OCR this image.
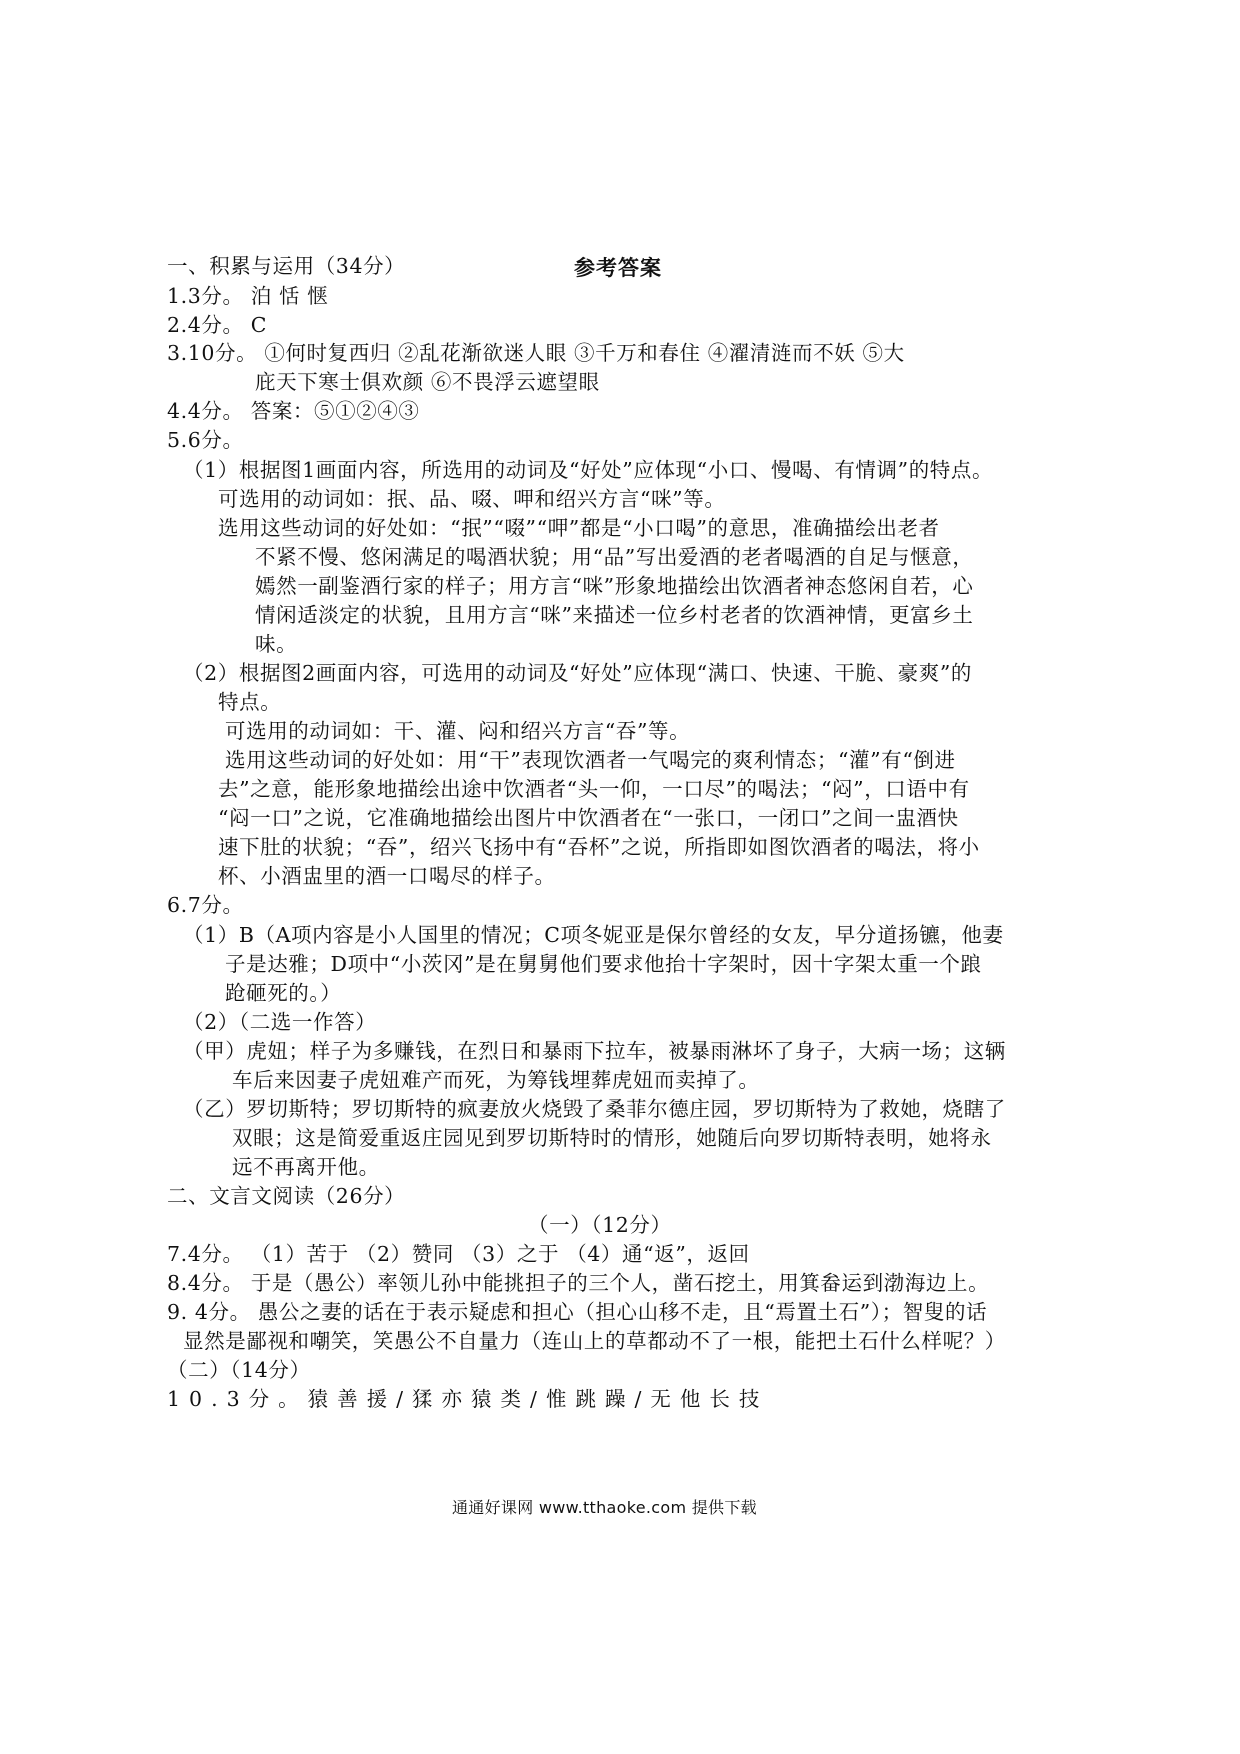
参考答案
一、积累与运用（34分）
1.3分。 泊 恬 惬
2.4分。 C
3.10分。 ①何时复西归 ②乱花渐欲迷人眼 ③千万和春住 ④濯清涟而不妖 ⑤大
庇天下寒士俱欢颜 ⑥不畏浮云遮望眼
4.4分。 答案：⑤①②④③
5.6分。
（1）根据图1画面内容，所选用的动词及“好处”应体现“小口、慢喝、有情调”的特点。
可选用的动词如：抿、品、啜、呷和绍兴方言“咪”等。
选用这些动词的好处如：“抿”“啜”“呷”都是“小口喝”的意思，准确描绘出老者
不紧不慢、悠闲满足的喝酒状貌；用“品”写出爱酒的老者喝酒的自足与惬意，
嫣然一副鉴酒行家的样子；用方言“咪”形象地描绘出饮酒者神态悠闲自若，心
情闲适淡定的状貌，且用方言“咪”来描述一位乡村老者的饮酒神情，更富乡土
味。
（2）根据图2画面内容，可选用的动词及“好处”应体现“满口、快速、干脆、豪爽”的
特点。
可选用的动词如：干、灌、闷和绍兴方言“吞”等。
选用这些动词的好处如：用“干”表现饮酒者一气喝完的爽利情态；“灌”有“倒进
去”之意，能形象地描绘出途中饮酒者“头一仰，一口尽”的喝法；“闷”，口语中有
“闷一口”之说，它准确地描绘出图片中饮酒者在“一张口，一闭口”之间一盅酒快
速下肚的状貌；“吞”，绍兴飞扬中有“吞杯”之说，所指即如图饮酒者的喝法，将小
杯、小酒盅里的酒一口喝尽的样子。
6.7分。
（1）B（A项内容是小人国里的情况；C项冬妮亚是保尔曾经的女友，早分道扬镳，他妻
子是达雅；D项中“小茨冈”是在舅舅他们要求他抬十字架时，因十字架太重一个踉
跄砸死的。）
（2）（二选一作答）
（甲）虎妞；样子为多赚钱，在烈日和暴雨下拉车，被暴雨淋坏了身子，大病一场；这辆
车后来因妻子虎妞难产而死，为筹钱埋葬虎妞而卖掉了。
（乙）罗切斯特；罗切斯特的疯妻放火烧毁了桑菲尔德庄园，罗切斯特为了救她，烧瞎了
双眼；这是简爱重返庄园见到罗切斯特时的情形，她随后向罗切斯特表明，她将永
远不再离开他。
二、文言文阅读（26分）
（一）（12分）
7.4分。 （1）苦于 （2）赞同 （3）之于 （4）通“返”，返回
8.4分。 于是（愚公）率领儿孙中能挑担子的三个人，凿石挖土，用箕畚运到渤海边上。
9. 4分。 愚公之妻的话在于表示疑虑和担心（担心山移不走，且“焉置土石”）；智叟的话
显然是鄙视和嘲笑，笑愚公不自量力（连山上的草都动不了一根，能把土石什么样呢？）
（二）（14分）
10.3分。猿善援/猱亦猿类/惟跳躁/无他长技
通通好课网 www.tthaoke.com 提供下载
